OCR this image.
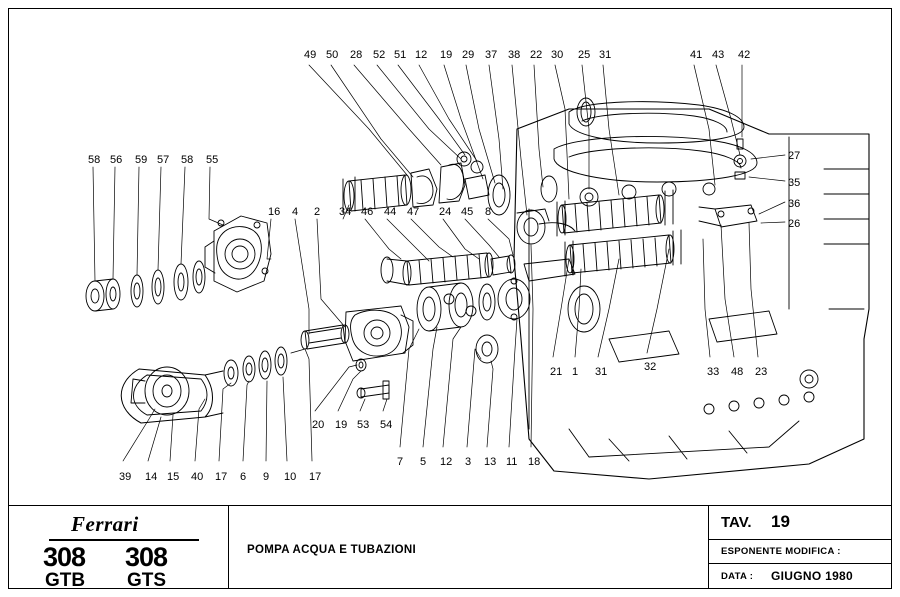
49 50 28 52 51 12 19 29 37 38 22 30 25 31	41 43 42
58 56 59 57 58 55	27
35
36
26
16 4 2 34 46 44 47 24 45 8
21 1 31	32	33 48 23
20 19 53 54
7 5 12 3 13 11 18
39 14 15 40 17 6 9 10 17
Ferrari
308 308
GTB GTS
POMPA ACQUA E TUBAZIONI
TAV. 19
ESPONENTE MODIFICA :
DATA : GIUGNO 1980
